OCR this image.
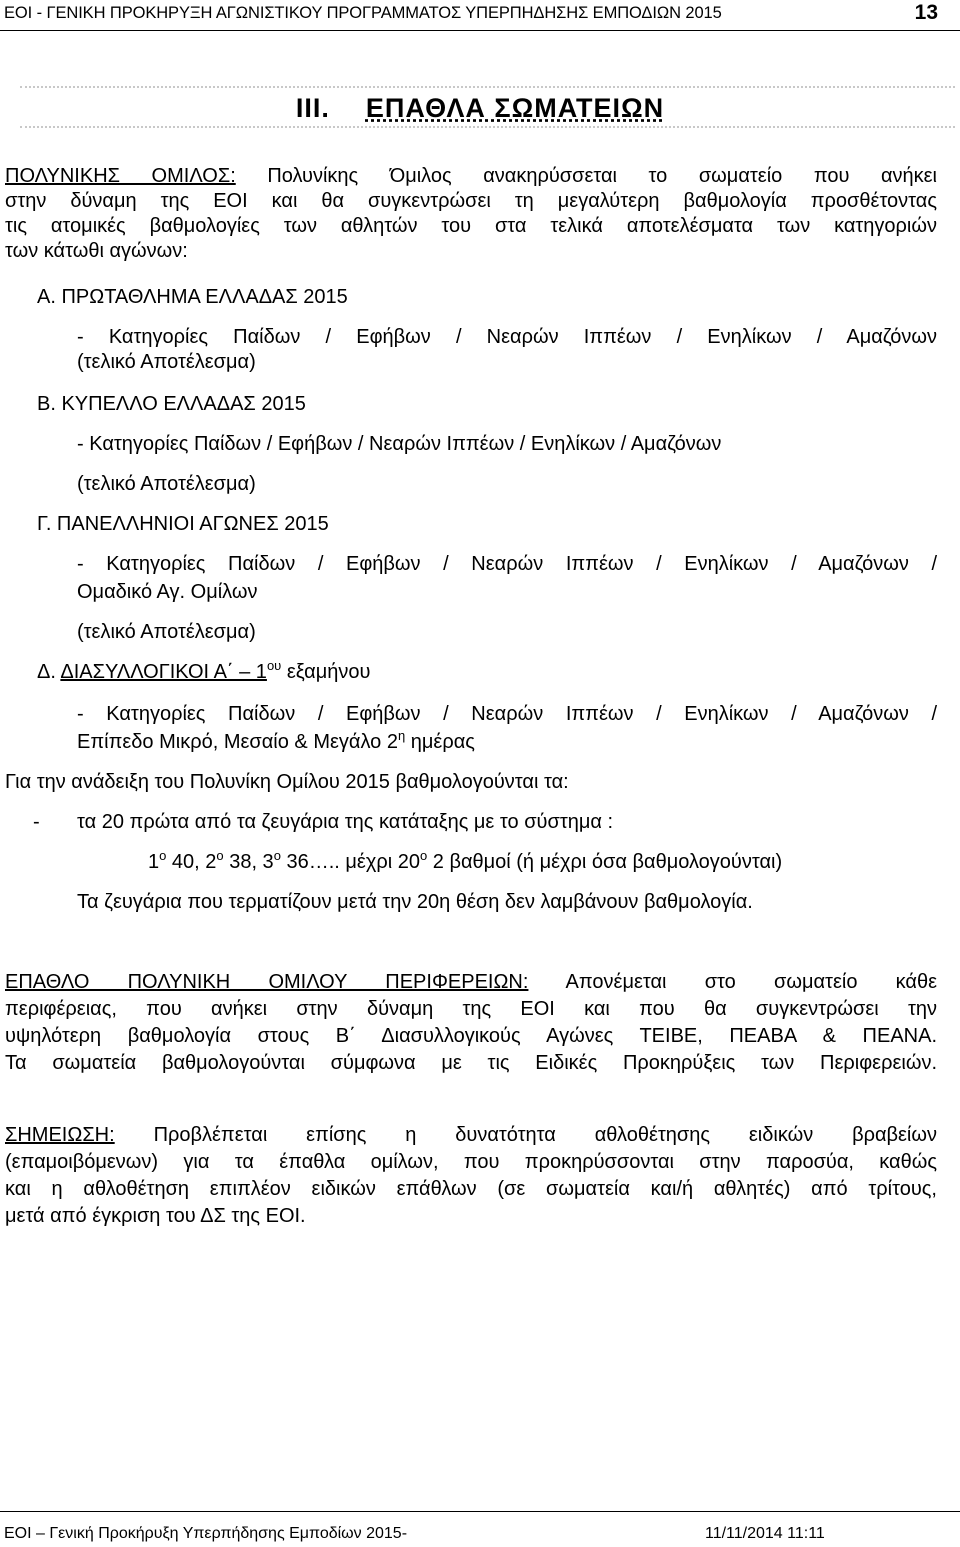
ΕΟΙ - ΓΕΝΙΚΗ ΠΡΟΚΗΡΥΞΗ ΑΓΩΝΙΣΤΙΚΟΥ ΠΡΟΓΡΑΜΜΑΤΟΣ ΥΠΕΡΠΗΔΗΣΗΣ ΕΜΠΟΔΙΩΝ 2015	13
III. ΕΠΑΘΛΑ ΣΩΜΑΤΕΙΩΝ
ΠΟΛΥΝΙΚΗΣ ΟΜΙΛΟΣ: Πολυνίκης Όμιλος ανακηρύσσεται το σωματείο που ανήκει
στην δύναμη της ΕΟΙ και θα συγκεντρώσει τη μεγαλύτερη βαθμολογία προσθέτοντας
τις ατομικές βαθμολογίες των αθλητών του στα τελικά αποτελέσματα των κατηγοριών
των κάτωθι αγώνων:
Α. ΠΡΩΤΑΘΛΗΜΑ ΕΛΛΑΔΑΣ 2015
- Κατηγορίες Παίδων / Εφήβων / Νεαρών Ιππέων / Ενηλίκων / Αμαζόνων
(τελικό Αποτέλεσμα)
Β. ΚΥΠΕΛΛΟ ΕΛΛΑΔΑΣ 2015
- Κατηγορίες Παίδων / Εφήβων / Νεαρών Ιππέων / Ενηλίκων / Αμαζόνων
(τελικό Αποτέλεσμα)
Γ. ΠΑΝΕΛΛΗΝΙΟΙ ΑΓΩΝΕΣ 2015
- Κατηγορίες Παίδων / Εφήβων / Νεαρών Ιππέων / Ενηλίκων / Αμαζόνων /
Ομαδικό Αγ. Ομίλων
(τελικό Αποτέλεσμα)
Δ. ΔΙΑΣΥΛΛΟΓΙΚΟΙ $A΄ - 1^{o\upsilon}$ εξαμήνου
- Κατηγορίες Παίδων / Εφήβων / Νεαρών Ιππέων / Ενηλίκων / Αμαζόνων /
Επίπεδο Μικρό, Μεσαίο & Μεγάλο $2^\eta$ ημέρας
Για την ανάδειξη του Πολυνίκη Ομίλου 2015 βαθμολογούνται τα:
- τα 20 πρώτα από τα ζευγάρια της κατάταξης με το σύστημα :
$1^o$ 40, $2^o$ 38, $3^o$ 36….. μέχρι $20^o$ 2 βαθμοί (ή μέχρι όσα βαθμολογούνται)
Τα ζευγάρια που τερματίζουν μετά την 20η θέση δεν λαμβάνουν βαθμολογία.
ΕΠΑΘΛΟ ΠΟΛΥΝΙΚΗ ΟΜΙΛΟΥ ΠΕΡΙΦΕΡΕΙΩΝ: Απονέμεται στο σωματείο κάθε
περιφέρειας, που ανήκει στην δύναμη της ΕΟΙ και που θα συγκεντρώσει την
υψηλότερη βαθμολογία στους Β΄ Διασυλλογικούς Αγώνες ΤΕΙΒΕ, ΠΕΑΒΑ & ΠΕΑΝΑ.
Τα σωματεία βαθμολογούνται σύμφωνα με τις Ειδικές Προκηρύξεις των Περιφερειών.
ΣΗΜΕΙΩΣΗ: Προβλέπεται επίσης η δυνατότητα αθλοθέτησης ειδικών βραβείων
(επαμοιβόμενων) για τα έπαθλα ομίλων, που προκηρύσσονται στην παροσύα, καθώς
και η αθλοθέτηση επιπλέον ειδικών επάθλων (σε σωματεία και/ή αθλητές) από τρίτους,
μετά από έγκριση του ΔΣ της ΕΟΙ.
ΕΟΙ – Γενική Προκήρυξη Υπερπήδησης Εμποδίων 2015-	11/11/2014 11:11
